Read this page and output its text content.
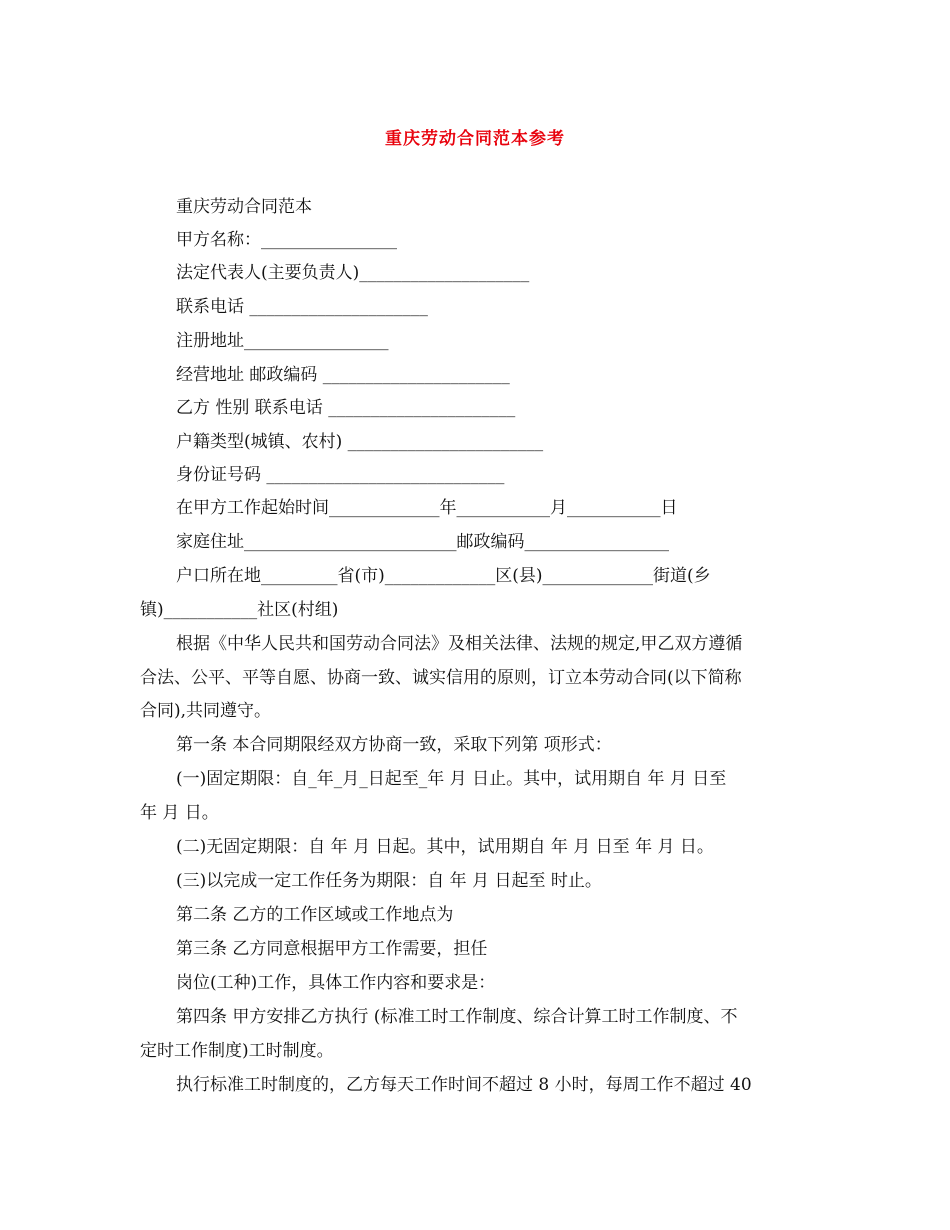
重庆劳动合同范本参考
重庆劳动合同范本
甲方名称：________________
法定代表人(主要负责人)____________________
联系电话 _____________________
注册地址_________________
经营地址 邮政编码 ______________________
乙方 性别 联系电话 ______________________
户籍类型(城镇、农村) _______________________
身份证号码 ____________________________
在甲方工作起始时间_____________年___________月___________日
家庭住址_________________________邮政编码_________________
户口所在地_________省(市)_____________区(县)_____________街道(乡
镇)___________社区(村组)
根据《中华人民共和国劳动合同法》及相关法律、法规的规定,甲乙双方遵循
合法、公平、平等自愿、协商一致、诚实信用的原则，订立本劳动合同(以下简称
合同),共同遵守。
第一条 本合同期限经双方协商一致，采取下列第 项形式：
(一)固定期限：自_年_月_日起至_年 月 日止。其中，试用期自 年 月 日至
年 月 日。
(二)无固定期限：自 年 月 日起。其中，试用期自 年 月 日至 年 月 日。
(三)以完成一定工作任务为期限：自 年 月 日起至 时止。
第二条 乙方的工作区域或工作地点为
第三条 乙方同意根据甲方工作需要，担任
岗位(工种)工作，具体工作内容和要求是：
第四条 甲方安排乙方执行 (标准工时工作制度、综合计算工时工作制度、不
定时工作制度)工时制度。
执行标准工时制度的，乙方每天工作时间不超过 8 小时，每周工作不超过 40
